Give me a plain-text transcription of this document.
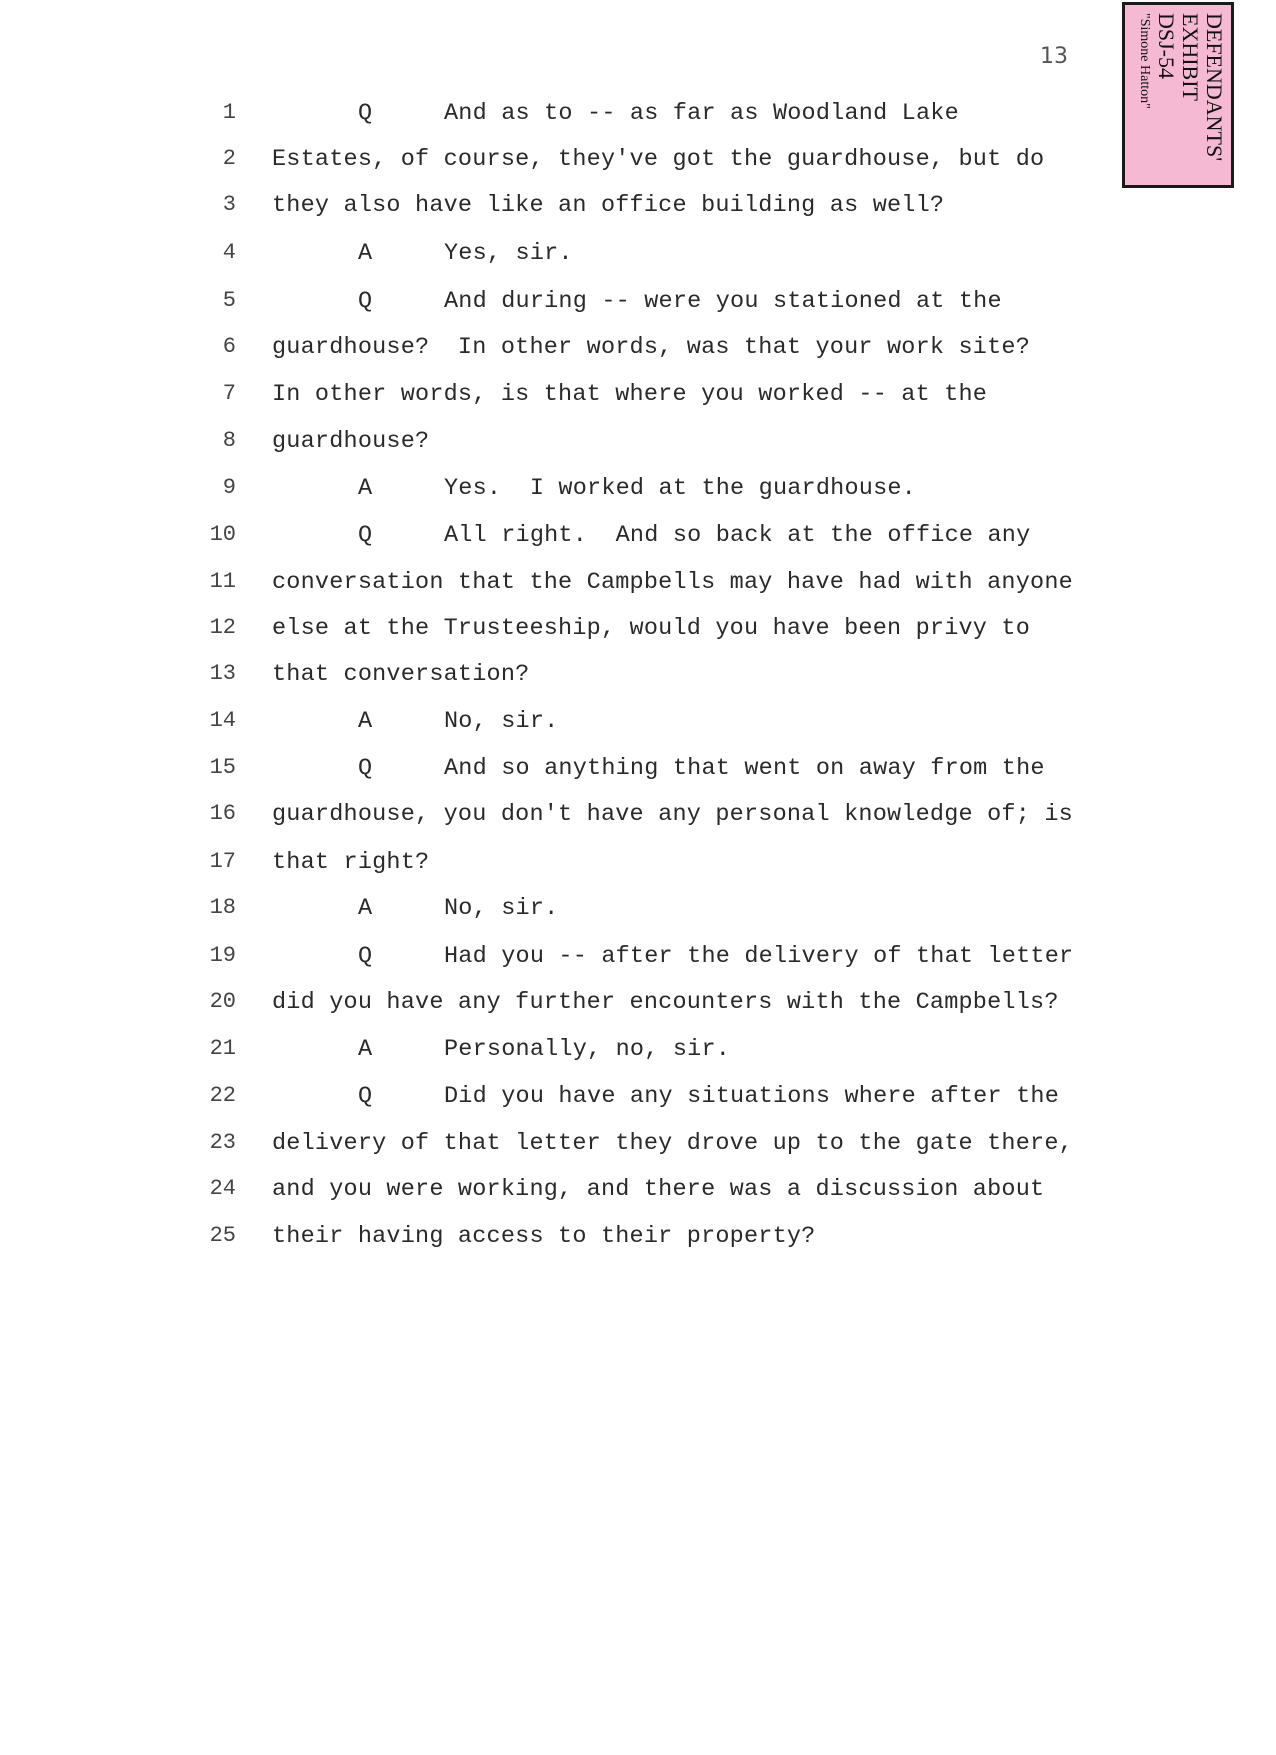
13	DEFENDANTS'
EXHIBIT
DSJ-54
"Simone Hatton"
1	Q	And as to -- as far as Woodland Lake
2 Estates, of course, they've got the guardhouse, but do
3 they also have like an office building as well?
4	A	Yes, sir.
5	Q	And during -- were you stationed at the
6 guardhouse?  In other words, was that your work site?
7 In other words, is that where you worked -- at the
8 guardhouse?
9	A	Yes.  I worked at the guardhouse.
10	Q	All right.  And so back at the office any
11 conversation that the Campbells may have had with anyone
12 else at the Trusteeship, would you have been privy to
13 that conversation?
14	A	No, sir.
15	Q	And so anything that went on away from the
16 guardhouse, you don't have any personal knowledge of; is
17 that right?
18	A	No, sir.
19	Q	Had you -- after the delivery of that letter
20 did you have any further encounters with the Campbells?
21	A	Personally, no, sir.
22	Q	Did you have any situations where after the
23 delivery of that letter they drove up to the gate there,
24 and you were working, and there was a discussion about
25 their having access to their property?
